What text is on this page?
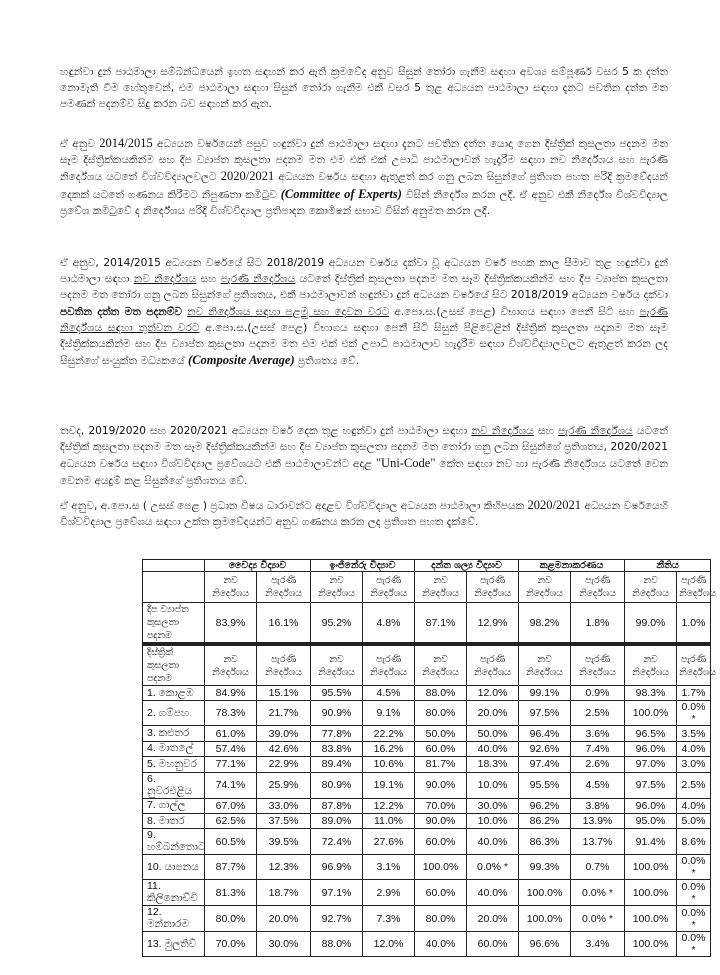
හඳුන්වා දුන් පාඨමාලා සම්බන්ධයෙන් ඉහත සඳහන් කර ඇති ක්‍රමවේද අනුව සිසුන් තෝරා ගැනීම සඳහා අවශ්‍ය සම්පූර්ණ වසර 5 ක දත්ත නොමැති වීම හේතුවෙන්, එම පාඨමාලා සඳහා සිසුන් තෝරා ගැනීම එකී වසර 5 තුළ අධ්‍යයන පාඨමාලා සඳහා දැනට පවතින දත්ත මත පමණක් පදනම්ව සිදු කරන බව සඳහන් කර ඇත.

ඒ අනුව 2014/2015 අධ්‍යයන වර්ෂයෙන් පසුව හඳුන්වා දුන් පාඨමාලා සඳහා දැනට පවතින දත්ත යොදා ගෙන දිස්ත්‍රික් කුසලතා පදනම මත සෑම දිස්ත්‍රික්කයකින්ම සහ දීප ව්‍යාප්ත කුසලතා පදනම මත එම එක් එක් උපාධි පාඨමාලාවන් හැදෑරීම සඳහා නව නිර්දේශය සහ පැරණි නිර්දේශය යටතේ විශ්වවිද්‍යාලවලට 2020/2021 අධ්‍යයන වර්ෂය සඳහා ඇතුළත් කර ගනු ලබන සිසුන්ගේ ප්‍රතිශත පහත පරිදි ක්‍රමවේදයන් දෙකක් යටතේ ගණනය කිරීමට නිපුණතා කමිටුව (Committee of Experts) විසින් නිර්දේශ කරන ලදී. ඒ අනුව එකී නිර්දේශ විශ්වවිද්‍යාල ප්‍රවේශ කමිටුවේ ද නිර්දේශය පරිදි විශ්වවිද්‍යාල ප්‍රතිපාදන කොමිෂන් සභාව විසින් අනුමත කරන ලදී.

ඒ අනුව, 2014/2015 අධ්‍යයන වර්ෂයේ සිට 2018/2019 අධ්‍යයන වර්ෂය දක්වා වූ අධ්‍යයන වර්ෂ පහක කාල සීමාව තුළ හඳුන්වා දුන් පාඨමාලා සඳහා නව නිර්දේශය සහ පැරණි නිර්දේශය යටතේ දිස්ත්‍රික් කුසලතා පදනම මත සෑම දිස්ත්‍රික්කයකින්ම සහ දීප ව්‍යාප්ත කුසලතා පදනම මත තෝරා ගනු ලබන සිසුන්ගේ ප්‍රතිශතය, එකී පාඨමාලාවන් හඳුන්වා දුන් අධ්‍යයන වර්ෂයේ සිට 2018/2019 අධ්‍යයන වර්ෂය දක්වා පවතින දත්ත මත පදනම්ව නව නිර්දේශය සඳහා පළමු සහ දෙවන වරට අ.පො.ස.(උසස් පෙළ) විභාගය සඳහා පෙනී සිටි සහ පැරණි නිර්දේශය සඳහා තුන්වන වරට අ.පො.ස.(උසස් පෙළ) විභාගය සඳහා පෙනී සිටි සිසුන් පිළිවෙළින් දිස්ත්‍රික් කුසලතා පදනම මත සෑම දිස්ත්‍රික්කයකින්ම සහ දීප ව්‍යාප්ත කුසලතා පදනම මත එම එක් එක් උපාධි පාඨමාලාව හැදෑරීම සඳහා විශ්වවිද්‍යාලවලට ඇතුළත් කරන ලද සිසුන්ගේ සංයුක්ත මධ්‍යකයේ (Composite Average) ප්‍රතිශතය වේ.

තවද, 2019/2020 සහ 2020/2021 අධ්‍යයන වර්ෂ දෙක තුළ හඳුන්වා දුන් පාඨමාලා සඳහා නව නිර්දේශය සහ පැරණි නිර්දේශය යටතේ දිස්ත්‍රික් කුසලතා පදනම මත සෑම දිස්ත්‍රික්කයකින්ම සහ දීප ව්‍යාප්ත කුසලතා පදනම මත තෝරා ගනු ලබන සිසුන්ගේ ප්‍රතිශතය, 2020/2021 අධ්‍යයන වර්ෂය සඳහා විශ්වවිද්‍යාල ප්‍රවේශයට එකී පාඨමාලාවන්ට අදාළ "Uni-Code" කේත සඳහා නව හා පැරණි නිර්දේශය යටතේ වෙන වෙනම අයදුම් කළ සිසුන්ගේ ප්‍රතිශතය වේ.

ඒ අනුව, අ.පො.ස ( උසස් පෙළ ) ප්‍රධාන විෂය ධාරාවන්ට අදාළව විශ්වවිද්‍යාල අධ්‍යයන පාඨමාලා කිහිපයක 2020/2021 අධ්‍යයන වර්ෂයෙහි විශ්වවිද්‍යාල ප්‍රවේශය සඳහා උක්ත ක්‍රමවේදයන්ට අනුව ගණනය කරන ලද ප්‍රතිශත පහත දැක්වේ.

	වෛද්‍ය විද්‍යාව		ඉංජිනේරු විද්‍යාව		දන්ත ශල්‍ය විද්‍යාව		කළමනාකරණය		නීතිය	
	නව නිර්දේශය	පැරණි නිර්දේශය	නව නිර්දේශය	පැරණි නිර්දේශය	නව නිර්දේශය	පැරණි නිර්දේශය	නව නිර්දේශය	පැරණි නිර්දේශය	නව නිර්දේශය	පැරණි නිර්දේශය
දීප ව්‍යාප්ත කුසලතා පදනම	83.9%	16.1%	95.2%	4.8%	87.1%	12.9%	98.2%	1.8%	99.0%	1.0%

දිස්ත්‍රික් කුසලතා පදනම	නව නිර්දේශය	පැරණි නිර්දේශය	නව නිර්දේශය	පැරණි නිර්දේශය	නව නිර්දේශය	පැරණි නිර්දේශය	නව නිර්දේශය	පැරණි නිර්දේශය	නව නිර්දේශය	පැරණි නිර්දේශය
1. කොළඹ	84.9%	15.1%	95.5%	4.5%	88.0%	12.0%	99.1%	0.9%	98.3%	1.7%
2. ගම්පහ	78.3%	21.7%	90.9%	9.1%	80.0%	20.0%	97.5%	2.5%	100.0%	0.0% *
3. කළුතර	61.0%	39.0%	77.8%	22.2%	50.0%	50.0%	96.4%	3.6%	96.5%	3.5%
4. මාතලේ	57.4%	42.6%	83.8%	16.2%	60.0%	40.0%	92.6%	7.4%	96.0%	4.0%
5. මහනුවර	77.1%	22.9%	89.4%	10.6%	81.7%	18.3%	97.4%	2.6%	97.0%	3.0%
6. නුවරඑළිය	74.1%	25.9%	80.9%	19.1%	90.0%	10.0%	95.5%	4.5%	97.5%	2.5%
7. ගාල්ල	67.0%	33.0%	87.8%	12.2%	70.0%	30.0%	96.2%	3.8%	96.0%	4.0%
8. මාතර	62.5%	37.5%	89.0%	11.0%	90.0%	10.0%	86.2%	13.9%	95.0%	5.0%
9. හම්බන්තොට	60.5%	39.5%	72.4%	27.6%	60.0%	40.0%	86.3%	13.7%	91.4%	8.6%
10. යාපනය	87.7%	12.3%	96.9%	3.1%	100.0%	0.0% *	99.3%	0.7%	100.0%	0.0% *
11. කිලිනොච්චි	81.3%	18.7%	97.1%	2.9%	60.0%	40.0%	100.0%	0.0% *	100.0%	0.0% *
12. මන්නාරම	80.0%	20.0%	92.7%	7.3%	80.0%	20.0%	100.0%	0.0% *	100.0%	0.0% *
13. මුලතිව්	70.0%	30.0%	88.0%	12.0%	40.0%	60.0%	96.6%	3.4%	100.0%	0.0% *
